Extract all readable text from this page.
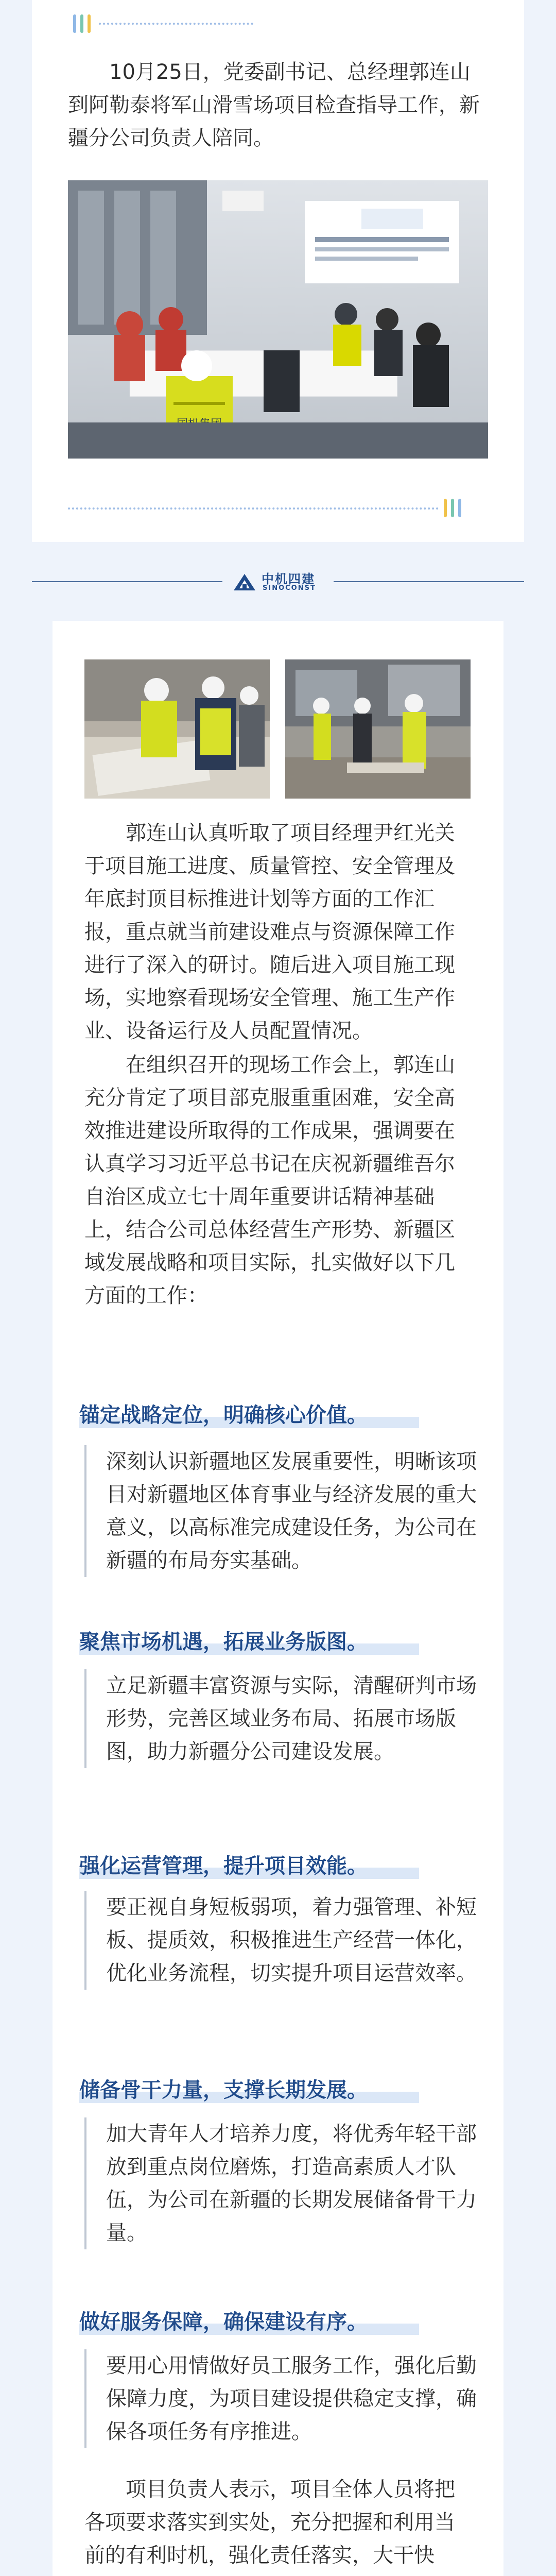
10月25日，党委副书记、总经理郭连山到阿勒泰将军山滑雪场项目检查指导工作，新疆分公司负责人陪同。

中机四建
SINOCONST

郭连山认真听取了项目经理尹红光关于项目施工进度、质量管控、安全管理及年底封顶目标推进计划等方面的工作汇报，重点就当前建设难点与资源保障工作进行了深入的研讨。随后进入项目施工现场，实地察看现场安全管理、施工生产作业、设备运行及人员配置情况。

在组织召开的现场工作会上，郭连山充分肯定了项目部克服重重困难，安全高效推进建设所取得的工作成果，强调要在认真学习习近平总书记在庆祝新疆维吾尔自治区成立七十周年重要讲话精神基础上，结合公司总体经营生产形势、新疆区域发展战略和项目实际，扎实做好以下几方面的工作：

锚定战略定位，明确核心价值。

深刻认识新疆地区发展重要性，明晰该项目对新疆地区体育事业与经济发展的重大意义，以高标准完成建设任务，为公司在新疆的布局夯实基础。

聚焦市场机遇，拓展业务版图。

立足新疆丰富资源与实际，清醒研判市场形势，完善区域业务布局、拓展市场版图，助力新疆分公司建设发展。

强化运营管理，提升项目效能。

要正视自身短板弱项，着力强管理、补短板、提质效，积极推进生产经营一体化，优化业务流程，切实提升项目运营效率。

储备骨干力量，支撑长期发展。

加大青年人才培养力度，将优秀年轻干部放到重点岗位磨炼，打造高素质人才队伍，为公司在新疆的长期发展储备骨干力量。

做好服务保障，确保建设有序。

要用心用情做好员工服务工作，强化后勤保障力度，为项目建设提供稳定支撑，确保各项任务有序推进。

项目负责人表示，项目全体人员将把各项要求落实到实处，充分把握和利用当前的有利时机，强化责任落实，大干快
